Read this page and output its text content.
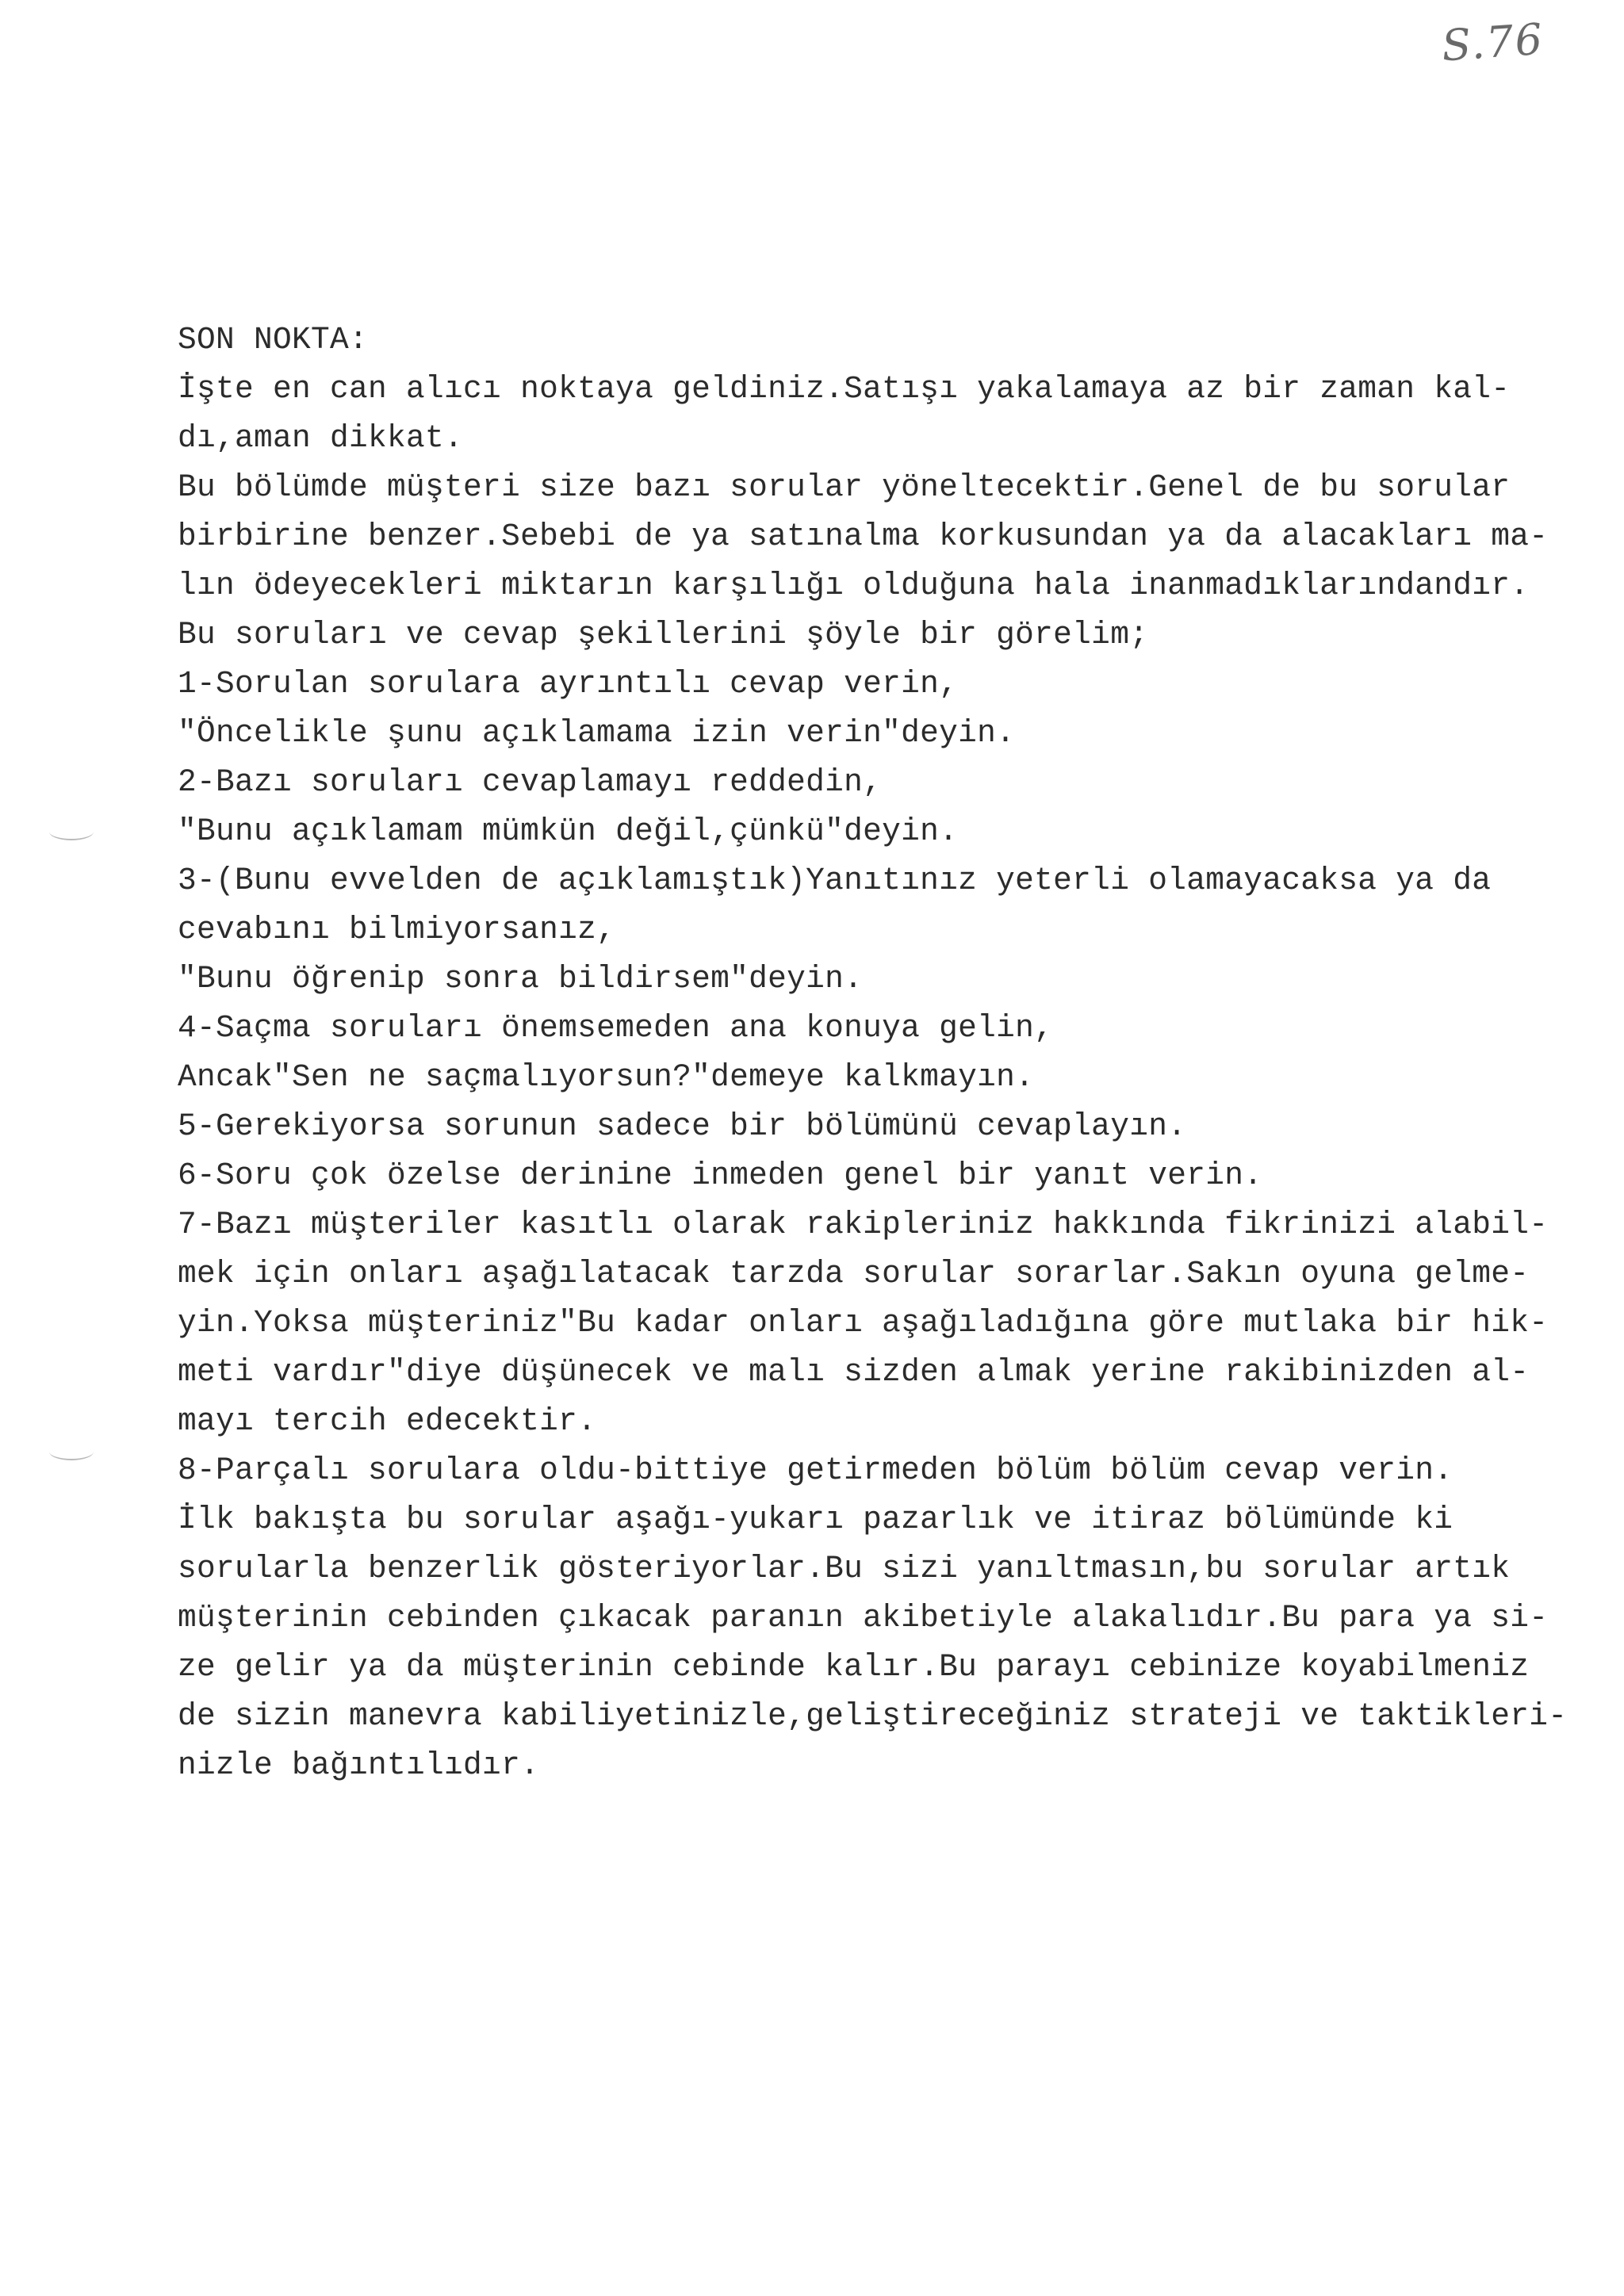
S.76
SON NOKTA:
İşte en can alıcı noktaya geldiniz.Satışı yakalamaya az bir zaman kal-
dı,aman dikkat.
Bu bölümde müşteri size bazı sorular yöneltecektir.Genel de bu sorular
birbirine benzer.Sebebi de ya satınalma korkusundan ya da alacakları ma-
lın ödeyecekleri miktarın karşılığı olduğuna hala inanmadıklarındandır.
Bu soruları ve cevap şekillerini şöyle bir görelim;
1-Sorulan sorulara ayrıntılı cevap verin,
"Öncelikle şunu açıklamama izin verin"deyin.
2-Bazı soruları cevaplamayı reddedin,
"Bunu açıklamam mümkün değil,çünkü"deyin.
3-(Bunu evvelden de açıklamıştık)Yanıtınız yeterli olamayacaksa ya da
cevabını bilmiyorsanız,
"Bunu öğrenip sonra bildirsem"deyin.
4-Saçma soruları önemsemeden ana konuya gelin,
Ancak"Sen ne saçmalıyorsun?"demeye kalkmayın.
5-Gerekiyorsa sorunun sadece bir bölümünü cevaplayın.
6-Soru çok özelse derinine inmeden genel bir yanıt verin.
7-Bazı müşteriler kasıtlı olarak rakipleriniz hakkında fikrinizi alabil-
mek için onları aşağılatacak tarzda sorular sorarlar.Sakın oyuna gelme-
yin.Yoksa müşteriniz"Bu kadar onları aşağıladığına göre mutlaka bir hik-
meti vardır"diye düşünecek ve malı sizden almak yerine rakibinizden al-
mayı tercih edecektir.
8-Parçalı sorulara oldu-bittiye getirmeden bölüm bölüm cevap verin.
İlk bakışta bu sorular aşağı-yukarı pazarlık ve itiraz bölümünde ki
sorularla benzerlik gösteriyorlar.Bu sizi yanıltmasın,bu sorular artık
müşterinin cebinden çıkacak paranın akibetiyle alakalıdır.Bu para ya si-
ze gelir ya da müşterinin cebinde kalır.Bu parayı cebinize koyabilmeniz
de sizin manevra kabiliyetinizle,geliştireceğiniz strateji ve taktikleri-
nizle bağıntılıdır.
